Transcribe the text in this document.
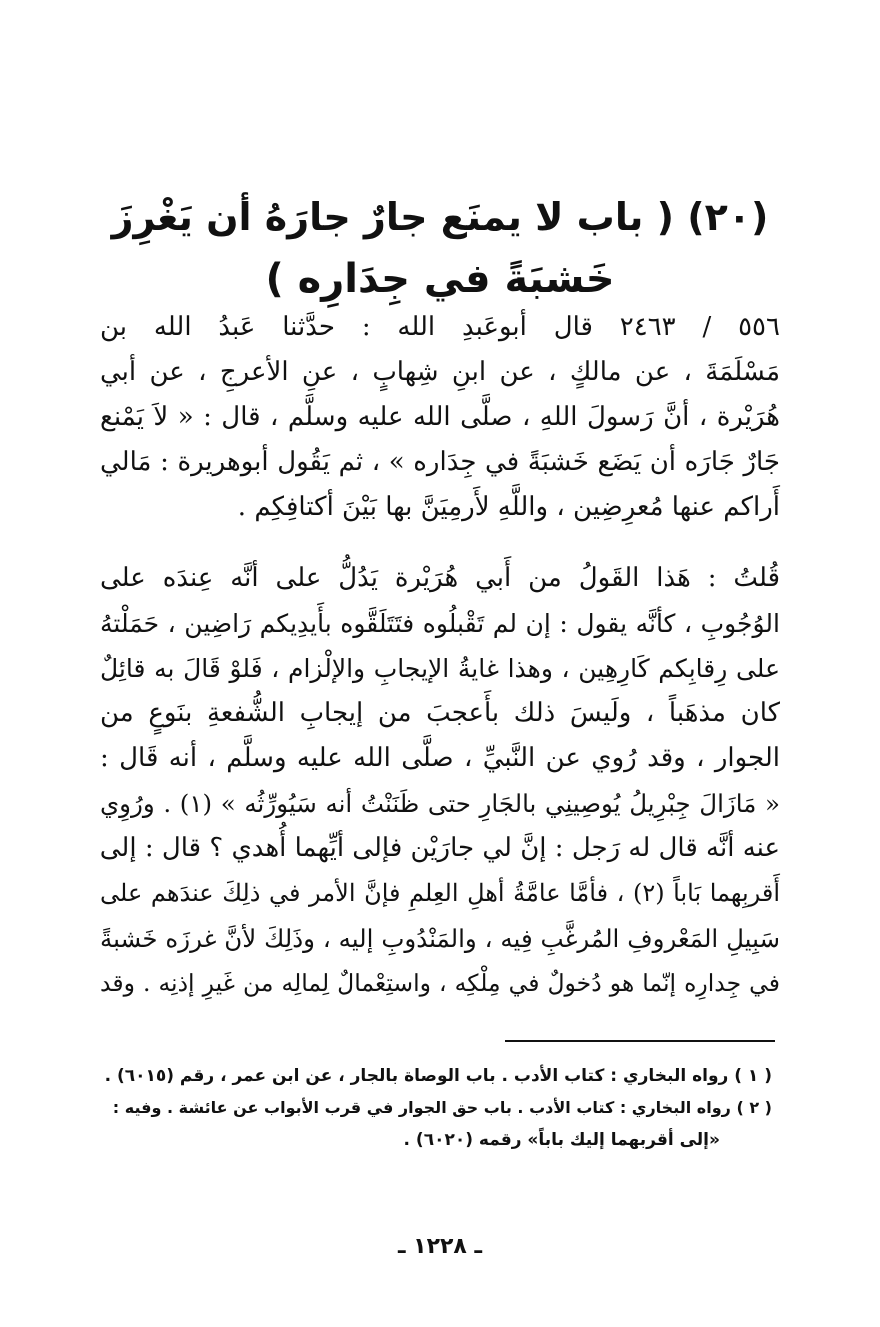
(٢٠) ( باب لا يمنَع جارٌ جارَهُ أن يَغْرِزَ
خَشبَةً في جِدَارِه )
٥٥٦ / ٢٤٦٣ قال أبوعَبدِ الله : حدَّثنا عَبدُ الله بن
مَسْلَمَةَ ، عن مالكٍ ، عن ابنِ شِهابٍ ، عنِ الأعرجِ ، عن أبي
هُرَيْرة ، أنَّ رَسولَ اللهِ ، صلَّى الله عليه وسلَّم ، قال : « لاَ يَمْنع
جَارٌ جَارَه أن يَضَع خَشبَةً في جِدَاره » ، ثم يَقُول أبوهريرة : مَالي
أَراكم عنها مُعرِضِين ، واللَّهِ لأَرمِيَنَّ بها بَيْنَ أكتافِكِم .
قُلتُ : هَذا القَولُ من أَبي هُرَيْرة يَدُلُّ على أنَّه عِندَه على
الوُجُوبِ ، كأنَّه يقول : إن لم تَقْبلُوه فتَتَلَقَّوه بأَيدِيكم رَاضِين ، حَمَلْتهُ
على رِقابِكم كَارِهِين ، وهذا غايةُ الإيجابِ والإلْزام ، فَلوْ قَالَ به قائِلٌ
كان مذهَباً ، ولَيسَ ذلك بأَعجبَ من إيجابِ الشُّفعةِ بنَوعٍ من
الجوار ، وقد رُوي عن النَّبيِّ ، صلَّى الله عليه وسلَّم ، أنه قَال :
« مَازَالَ جِبْرِيلُ يُوصِينِي بالجَارِ حتى ظَنَنْتُ أنه سَيُورِّثُه » (١) . ورُوِي
عنه أنَّه قال له رَجل : إنَّ لي جارَيْن فإلى أيِّهما أُهدي ؟ قال : إلى
أَقربِهما بَاباً (٢) ، فأمَّا عامَّةُ أهلِ العِلمِ فإنَّ الأمر في ذلِكَ عندَهم على
سَبِيلِ المَعْروفِ المُرغَّبِ فِيه ، والمَنْدُوبِ إليه ، وذَلِكَ لأنَّ غرزَه خَشبةً
في جِدارِه إنّما هو دُخولٌ في مِلْكِه ، واستِعْمالٌ لِمالِه من غَيرِ إذنِه . وقد
( ١ ) رواه البخاري : كتاب الأدب . باب الوصاة بالجار ، عن ابن عمر ، رقم (٦٠١٥) .
( ٢ ) رواه البخاري : كتاب الأدب . باب حق الجوار في قرب الأبواب عن عائشة . وفيه :
«إلى أقربهما إليك باباً» رقمه (٦٠٢٠) .
ـ ١٢٢٨ ـ
